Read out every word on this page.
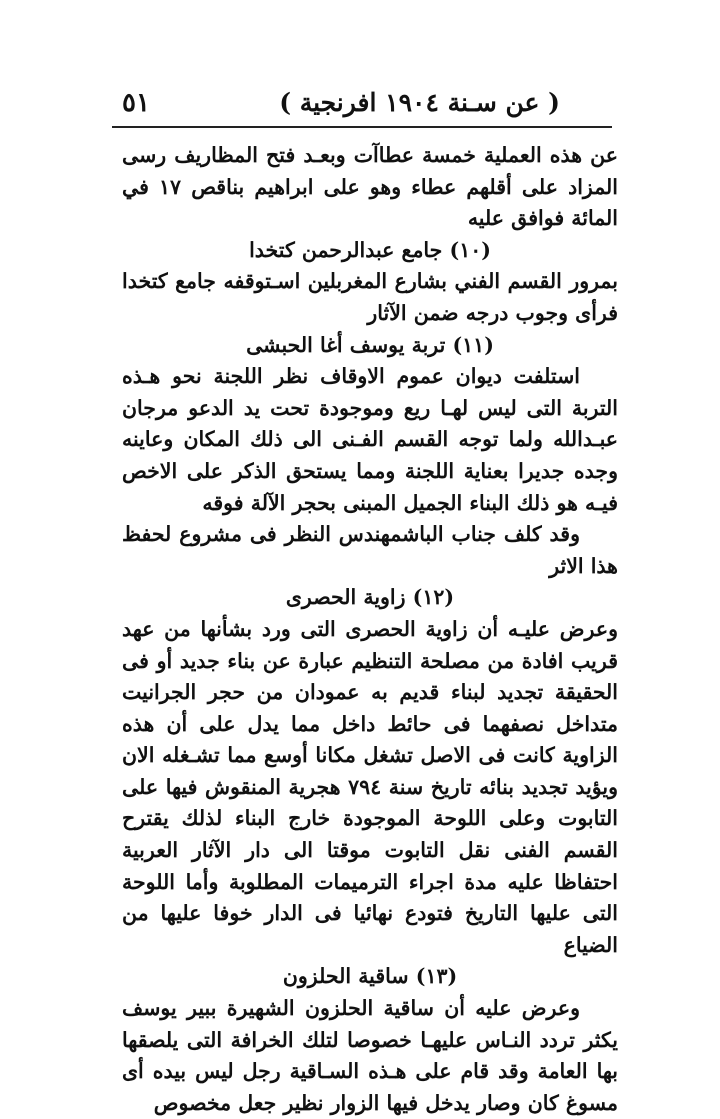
٥١	( عن سـنة ١٩٠٤ افرنجية )

عن هذه العملية خمسة عطاآت وبعـد فتح المظاريف رسى المزاد على أقلهم عطاء وهو على ابراهيم بناقص ١٧ في المائة فوافق عليه

(١٠) جامع عبدالرحمن كتخدا

بمرور القسم الفني بشارع المغربلين اسـتوقفه جامع كتخدا فرأى وجوب درجه ضمن الآثار

(١١) تربة يوسف أغا الحبشى

استلفت ديوان عموم الاوقاف نظر اللجنة نحو هـذه التربة التى ليس لهـا ريع وموجودة تحت يد الدعو مرجان عبـدالله ولما توجه القسم الفـنى الى ذلك المكان وعاينه وجده جديرا بعناية اللجنة ومما يستحق الذكر على الاخص فيـه هو ذلك البناء الجميل المبنى بحجر الآلة فوقه

وقد كلف جناب الباشمهندس النظر فى مشروع لحفظ هذا الاثر

(١٢) زاوية الحصرى

وعرض عليـه أن زاوية الحصرى التى ورد بشأنها من عهد قريب افادة من مصلحة التنظيم عبارة عن بناء جديد أو فى الحقيقة تجديد لبناء قديم به عمودان من حجر الجرانيت متداخل نصفهما فى حائط داخل مما يدل على أن هذه الزاوية كانت فى الاصل تشغل مكانا أوسع مما تشـغله الان ويؤيد تجديد بنائه تاريخ سنة ٧٩٤ هجرية المنقوش فيها على التابوت وعلى اللوحة الموجودة خارج البناء لذلك يقترح القسم الفنى نقل التابوت موقتا الى دار الآثار العربية احتفاظا عليه مدة اجراء الترميمات المطلوبة وأما اللوحة التى عليها التاريخ فتودع نهائيا فى الدار خوفا عليها من الضياع

(١٣) ساقية الحلزون

وعرض عليه أن ساقية الحلزون الشهيرة ببير يوسف يكثر تردد النـاس عليهـا خصوصا لتلك الخرافة التى يلصقها بها العامة وقد قام على هـذه السـاقية رجل ليس بيده أى مسوغ كان وصار يدخل فيها الزوار نظير جعل مخصوص
